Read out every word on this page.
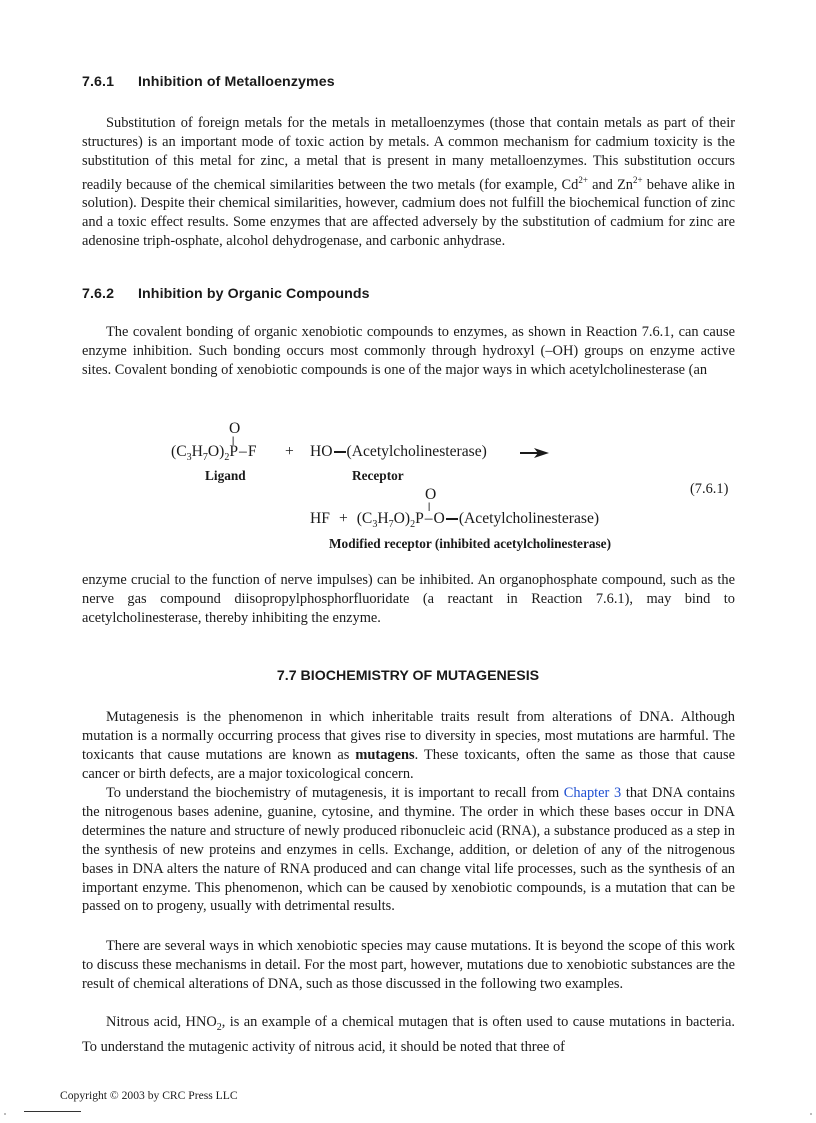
7.6.1 Inhibition of Metalloenzymes

Substitution of foreign metals for the metals in metalloenzymes (those that contain metals as part of their structures) is an important mode of toxic action by metals. A common mechanism for cadmium toxicity is the substitution of this metal for zinc, a metal that is present in many metalloenzymes. This substitution occurs readily because of the chemical similarities between the two metals (for example, $Cd^{2+}$ and $Zn^{2+}$ behave alike in solution). Despite their chemical similarities, however, cadmium does not fulfill the biochemical function of zinc and a toxic effect results. Some enzymes that are affected adversely by the substitution of cadmium for zinc are adenosine triph-osphate, alcohol dehydrogenase, and carbonic anhydrase.

7.6.2 Inhibition by Organic Compounds

The covalent bonding of organic xenobiotic compounds to enzymes, as shown in Reaction 7.6.1, can cause enzyme inhibition. Such bonding occurs most commonly through hydroxyl (–OH) groups on enzyme active sites. Covalent bonding of xenobiotic compounds is one of the major ways in which acetylcholinesterase (an

O
||
$(C_3H_7O)_2P-F$ + HO (Acetylcholinesterase)
Ligand	Receptor
(7.6.1)
O
||
HF + $(C_3H_7O)_2P-O$ (Acetylcholinesterase)
Modified receptor (inhibited acetylcholinesterase)

enzyme crucial to the function of nerve impulses) can be inhibited. An organophosphate compound, such as the nerve gas compound diisopropylphosphorfluoridate (a reactant in Reaction 7.6.1), may bind to acetylcholinesterase, thereby inhibiting the enzyme.

7.7 BIOCHEMISTRY OF MUTAGENESIS

Mutagenesis is the phenomenon in which inheritable traits result from alterations of DNA. Although mutation is a normally occurring process that gives rise to diversity in species, most mutations are harmful. The toxicants that cause mutations are known as mutagens. These toxicants, often the same as those that cause cancer or birth defects, are a major toxicological concern.

To understand the biochemistry of mutagenesis, it is important to recall from Chapter 3 that DNA contains the nitrogenous bases adenine, guanine, cytosine, and thymine. The order in which these bases occur in DNA determines the nature and structure of newly produced ribonucleic acid (RNA), a substance produced as a step in the synthesis of new proteins and enzymes in cells. Exchange, addition, or deletion of any of the nitrogenous bases in DNA alters the nature of RNA produced and can change vital life processes, such as the synthesis of an important enzyme. This phenomenon, which can be caused by xenobiotic compounds, is a mutation that can be passed on to progeny, usually with detrimental results.

There are several ways in which xenobiotic species may cause mutations. It is beyond the scope of this work to discuss these mechanisms in detail. For the most part, however, mutations due to xenobiotic substances are the result of chemical alterations of DNA, such as those discussed in the following two examples.

Nitrous acid, $HNO_2$, is an example of a chemical mutagen that is often used to cause mutations in bacteria. To understand the mutagenic activity of nitrous acid, it should be noted that three of

Copyright © 2003 by CRC Press LLC
